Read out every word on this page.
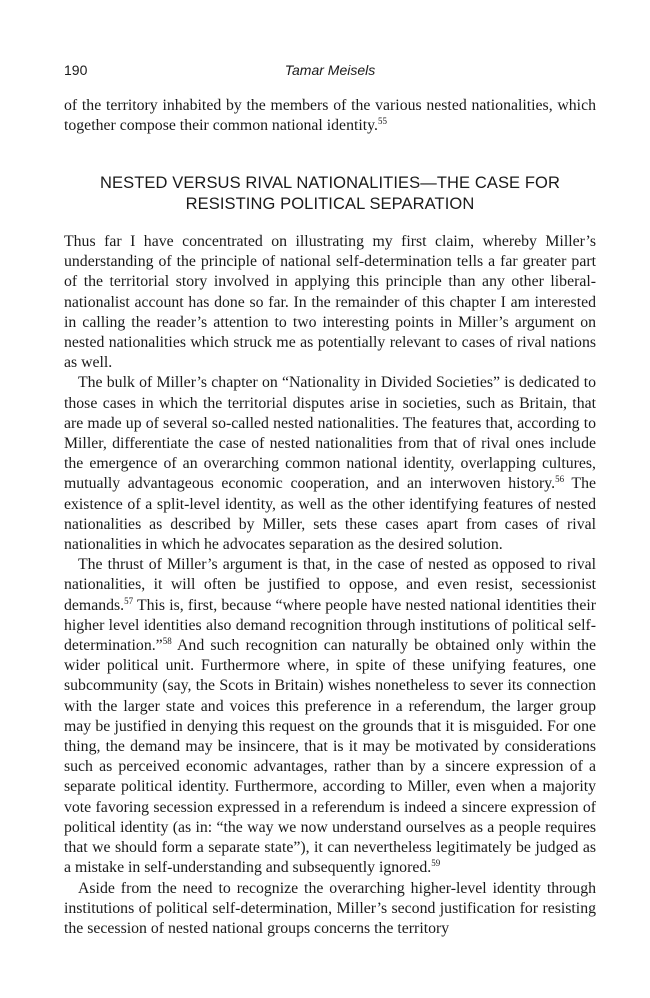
190	Tamar Meisels

of the territory inhabited by the members of the various nested nationalities, which together compose their common national identity.$^{55}$

NESTED VERSUS RIVAL NATIONALITIES—THE CASE FOR
RESISTING POLITICAL SEPARATION

Thus far I have concentrated on illustrating my first claim, whereby Miller’s understanding of the principle of national self-determination tells a far greater part of the territorial story involved in applying this principle than any other liberal-nationalist account has done so far. In the remainder of this chapter I am interested in calling the reader’s attention to two interesting points in Miller’s argument on nested nationalities which struck me as potentially relevant to cases of rival nations as well.

The bulk of Miller’s chapter on “Nationality in Divided Societies” is dedicated to those cases in which the territorial disputes arise in societies, such as Britain, that are made up of several so-called nested nationalities. The features that, according to Miller, differentiate the case of nested nationalities from that of rival ones include the emergence of an overarching common national identity, overlapping cultures, mutually advantageous economic cooperation, and an interwoven history.$^{56}$ The existence of a split-level identity, as well as the other identifying features of nested nationalities as described by Miller, sets these cases apart from cases of rival nationalities in which he advocates separation as the desired solution.

The thrust of Miller’s argument is that, in the case of nested as opposed to rival nationalities, it will often be justified to oppose, and even resist, secessionist demands.$^{57}$ This is, first, because “where people have nested national identities their higher level identities also demand recognition through institutions of political self-determination.”$^{58}$ And such recognition can naturally be obtained only within the wider political unit. Furthermore where, in spite of these unifying features, one subcommunity (say, the Scots in Britain) wishes nonetheless to sever its connection with the larger state and voices this preference in a referendum, the larger group may be justified in denying this request on the grounds that it is misguided. For one thing, the demand may be insincere, that is it may be motivated by considerations such as perceived economic advantages, rather than by a sincere expression of a separate political identity. Furthermore, according to Miller, even when a majority vote favoring secession expressed in a referendum is indeed a sincere expression of political identity (as in: “the way we now understand ourselves as a people requires that we should form a separate state”), it can nevertheless legitimately be judged as a mistake in self-understanding and subsequently ignored.$^{59}$

Aside from the need to recognize the overarching higher-level identity through institutions of political self-determination, Miller’s second justification for resisting the secession of nested national groups concerns the territory
